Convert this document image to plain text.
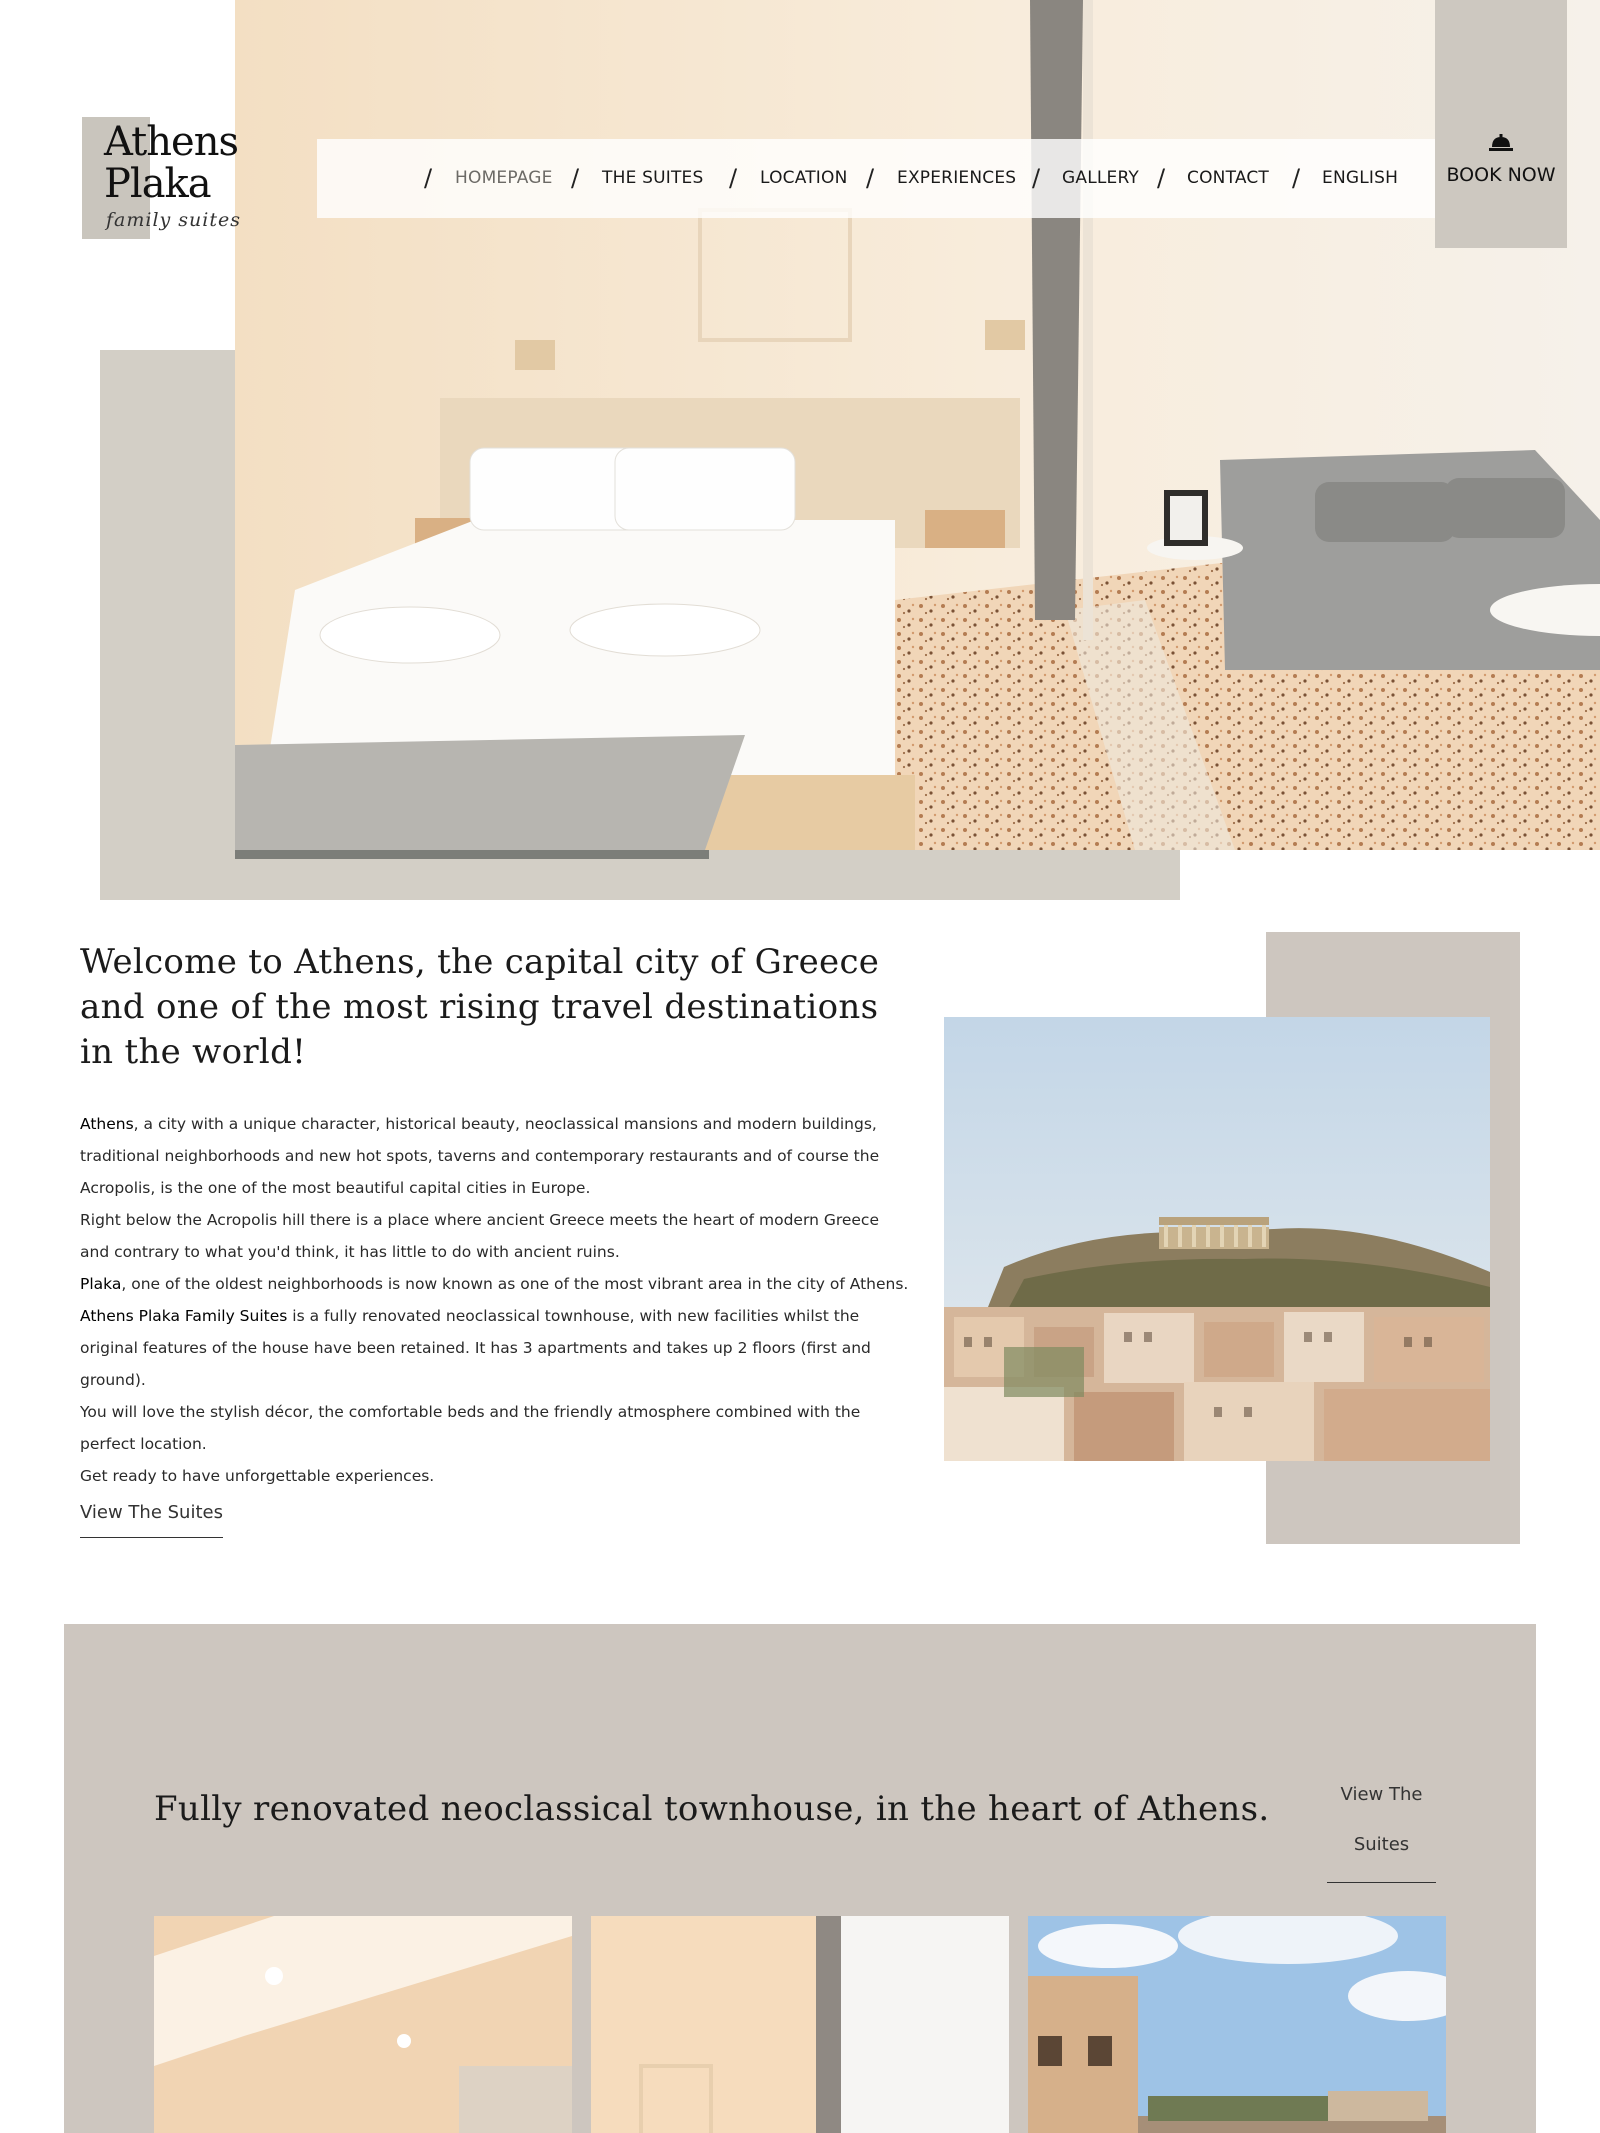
Athens
Plaka
family suites
/ HOMEPAGE / THE SUITES / LOCATION / EXPERIENCES / GALLERY / CONTACT / ENGLISH	BOOK NOW
Welcome to Athens, the capital city of Greece and one of the most rising travel destinations in the world!

Athens, a city with a unique character, historical beauty, neoclassical mansions and modern buildings, traditional neighborhoods and new hot spots, taverns and contemporary restaurants and of course the Acropolis, is the one of the most beautiful capital cities in Europe.

Right below the Acropolis hill there is a place where ancient Greece meets the heart of modern Greece and contrary to what you'd think, it has little to do with ancient ruins.

Plaka, one of the oldest neighborhoods is now known as one of the most vibrant area in the city of Athens.

Athens Plaka Family Suites is a fully renovated neoclassical townhouse, with new facilities whilst the original features of the house have been retained. It has 3 apartments and takes up 2 floors (first and ground).

You will love the stylish décor, the comfortable beds and the friendly atmosphere combined with the perfect location.

Get ready to have unforgettable experiences.

View The Suites
Fully renovated neoclassical townhouse, in the heart of Athens.	View The Suites
